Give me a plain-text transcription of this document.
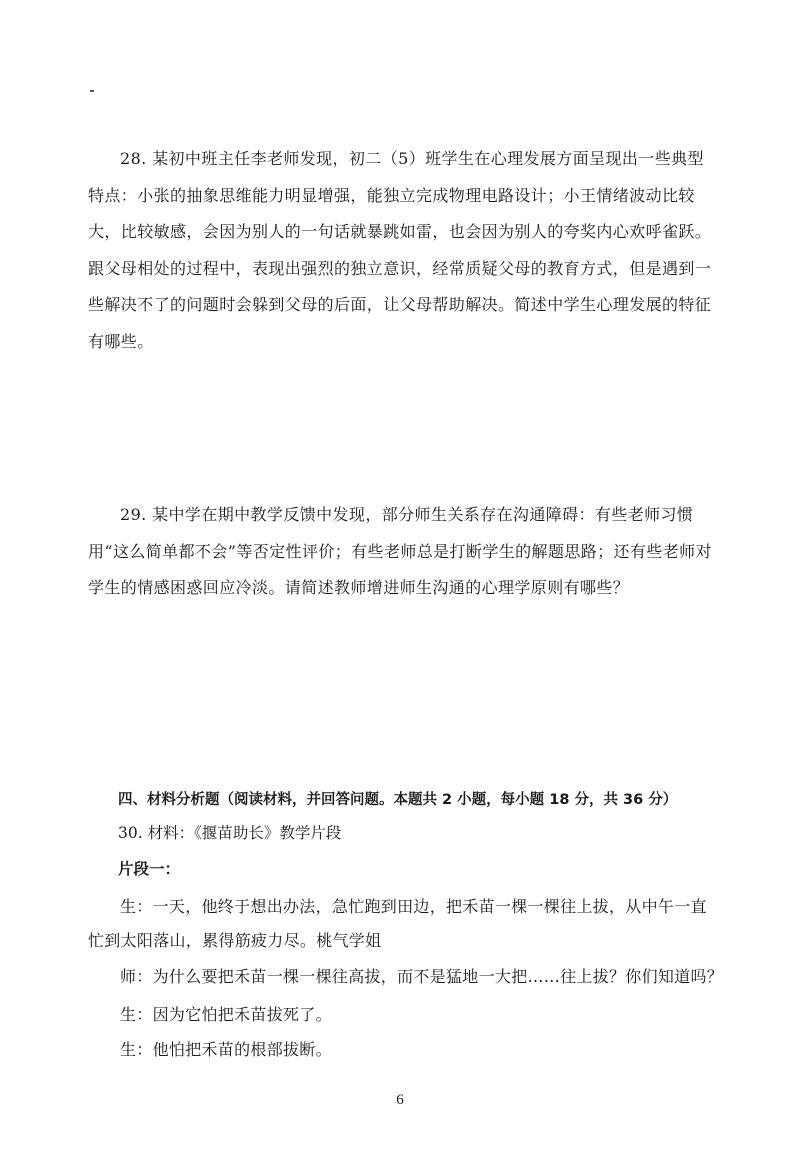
28. 某初中班主任李老师发现，初二（5）班学生在心理发展方面呈现出一些典型特点：小张的抽象思维能力明显增强，能独立完成物理电路设计；小王情绪波动比较大，比较敏感，会因为别人的一句话就暴跳如雷，也会因为别人的夸奖内心欢呼雀跃。跟父母相处的过程中，表现出强烈的独立意识，经常质疑父母的教育方式，但是遇到一些解决不了的问题时会躲到父母的后面，让父母帮助解决。简述中学生心理发展的特征有哪些。

29. 某中学在期中教学反馈中发现，部分师生关系存在沟通障碍：有些老师习惯用“这么简单都不会”等否定性评价；有些老师总是打断学生的解题思路；还有些老师对学生的情感困惑回应冷淡。请简述教师增进师生沟通的心理学原则有哪些？

四、材料分析题（阅读材料，并回答问题。本题共 2 小题，每小题 18 分，共 36 分）

30. 材料：《揠苗助长》教学片段

片段一：

生：一天，他终于想出办法，急忙跑到田边，把禾苗一棵一棵往上拔，从中午一直忙到太阳落山，累得筋疲力尽。桃气学姐

师：为什么要把禾苗一棵一棵往高拔，而不是猛地一大把……往上拔？你们知道吗？

生：因为它怕把禾苗拔死了。

生：他怕把禾苗的根部拔断。

6
